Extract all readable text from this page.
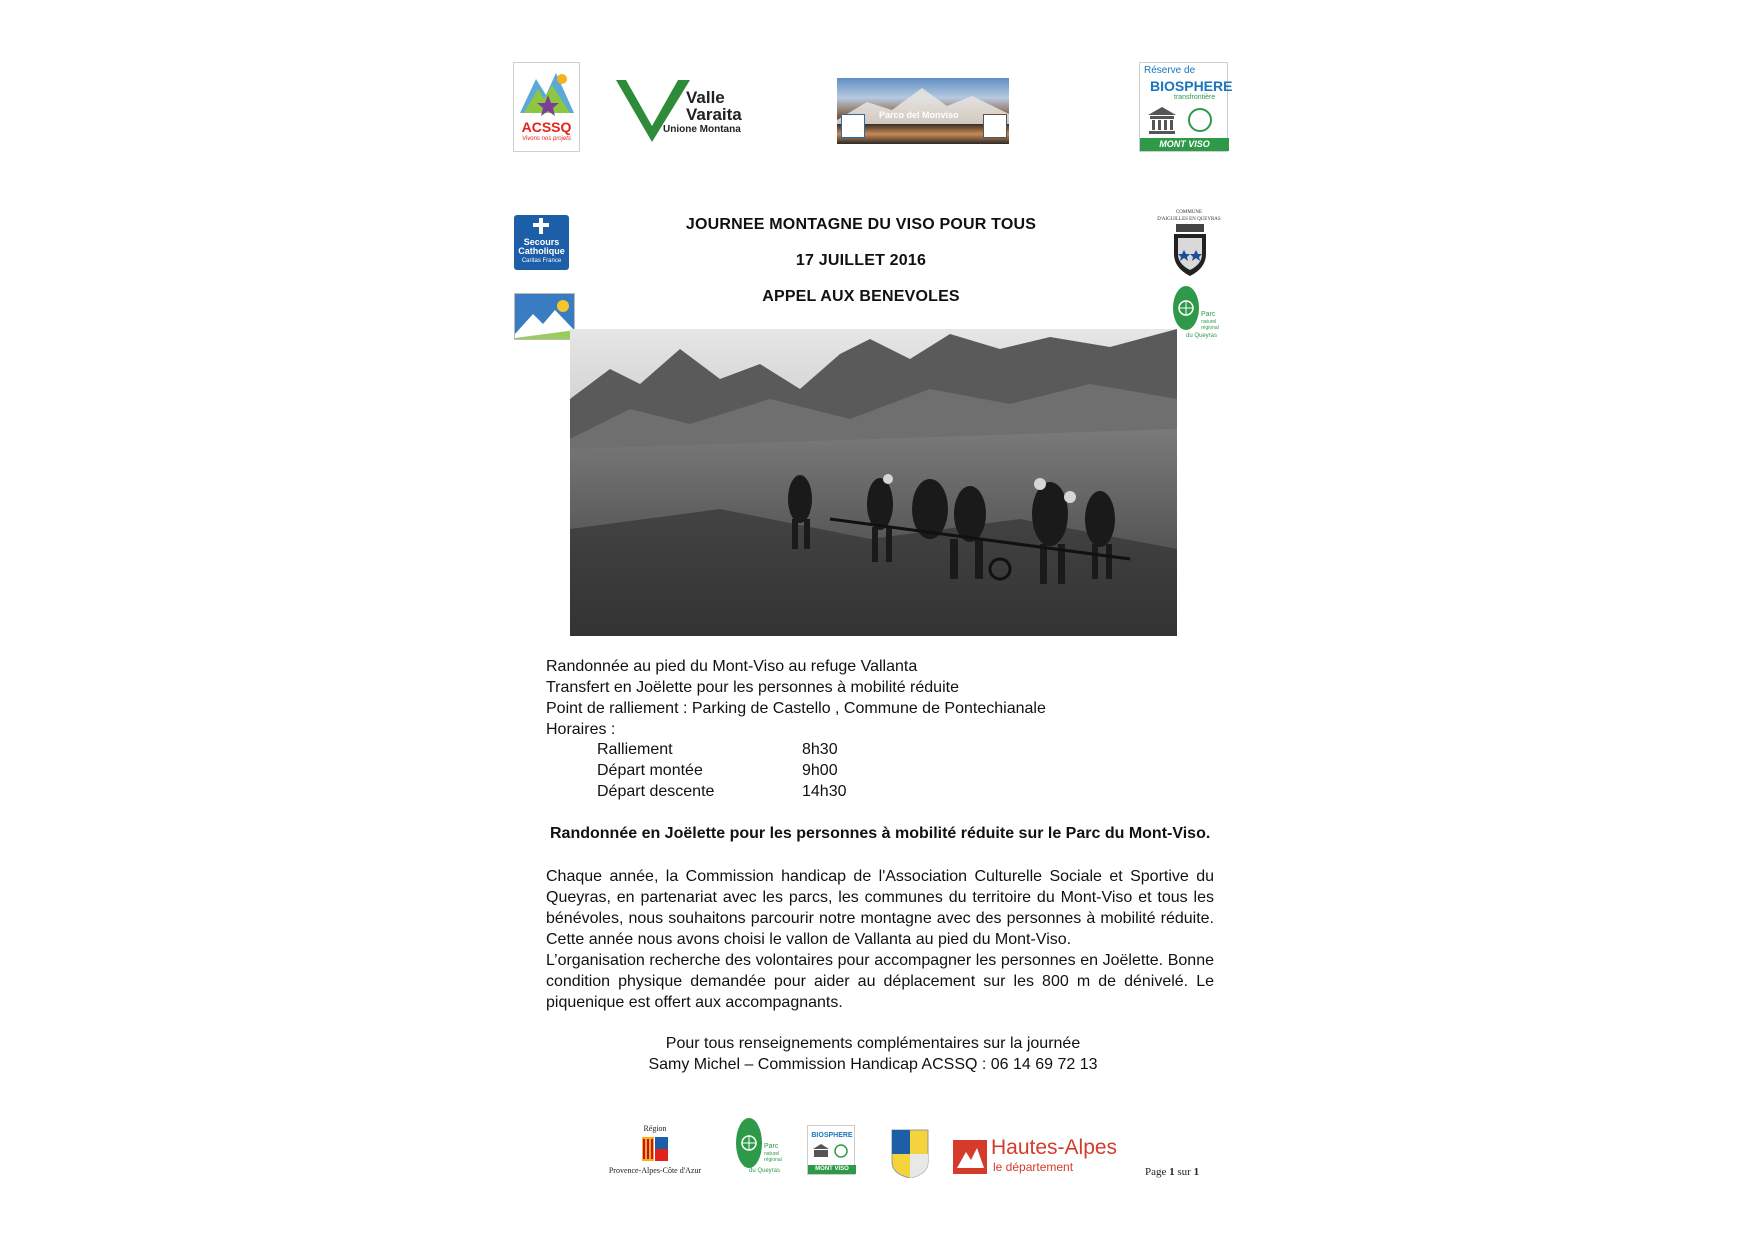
ACSSQ
Vivons nos projets
Valle
Varaita
Unione Montana
Parco del Monviso
Réserve de
BIOSPHERE
transfrontière
MONT VISO
Secours
Catholique
Caritas France
COMMUNE
D'AIGUILLES EN QUEYRAS
Parc
naturel
régional
du Queyras
JOURNEE MONTAGNE DU VISO POUR TOUS
17 JUILLET 2016
APPEL AUX BENEVOLES
Randonnée au pied du Mont-Viso au refuge Vallanta
Transfert en Joëlette pour les personnes à mobilité réduite
Point de ralliement : Parking de Castello , Commune de Pontechianale
Horaires :
Ralliement	8h30
Départ montée	9h00
Départ descente	14h30
Randonnée en Joëlette pour les personnes à mobilité réduite sur le Parc du Mont-Viso.
Chaque année, la Commission handicap de l'Association Culturelle Sociale et Sportive du
Queyras, en partenariat avec les parcs, les communes du territoire du Mont-Viso et tous les
bénévoles, nous souhaitons parcourir notre montagne avec des personnes à mobilité réduite.
Cette année nous avons choisi le vallon de Vallanta au pied du Mont-Viso.
L’organisation recherche des volontaires pour accompagner les personnes en Joëlette. Bonne
condition physique demandée pour aider au déplacement sur les 800 m de dénivelé. Le
piquenique est offert aux accompagnants.
Pour tous renseignements complémentaires sur la journée
Samy Michel – Commission Handicap ACSSQ : 06 14 69 72 13
Région
Provence-Alpes-Côte d'Azur
Parc
naturel
régional
du Queyras
BIOSPHERE
MONT VISO
Hautes-Alpes
le département	Page 1 sur 1
